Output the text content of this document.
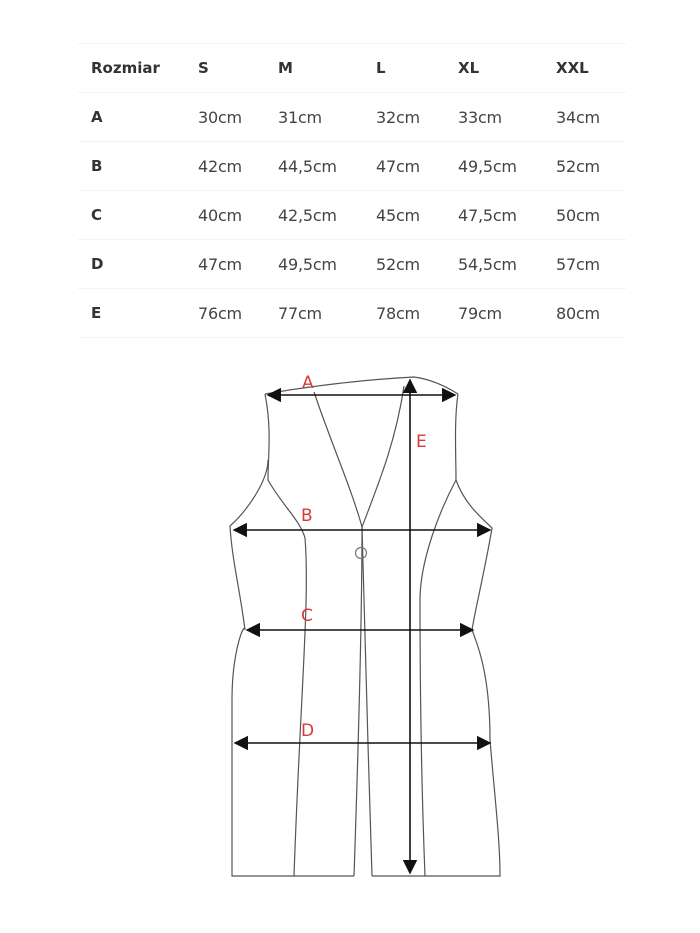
Rozmiar	S	M	L	XL	XXL
A	30cm	31cm	32cm	33cm	34cm
B	42cm	44,5cm	47cm	49,5cm	52cm
C	40cm	42,5cm	45cm	47,5cm	50cm
D	47cm	49,5cm	52cm	54,5cm	57cm
E	76cm	77cm	78cm	79cm	80cm
A
B
C
D
E
